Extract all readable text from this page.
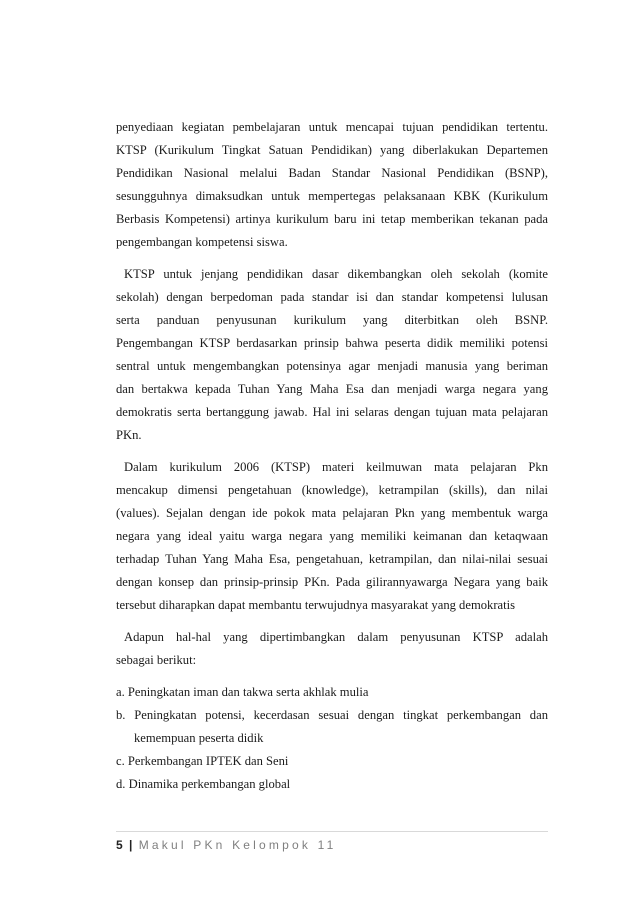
penyediaan kegiatan pembelajaran untuk mencapai tujuan pendidikan tertentu.
KTSP (Kurikulum Tingkat Satuan Pendidikan) yang diberlakukan Departemen
Pendidikan Nasional melalui Badan Standar Nasional Pendidikan (BSNP),
sesungguhnya dimaksudkan untuk mempertegas pelaksanaan KBK (Kurikulum
Berbasis Kompetensi) artinya kurikulum baru ini tetap memberikan tekanan pada
pengembangan kompetensi siswa.
KTSP untuk jenjang pendidikan dasar dikembangkan oleh sekolah (komite
sekolah) dengan berpedoman pada standar isi dan standar kompetensi lulusan
serta panduan penyusunan kurikulum yang diterbitkan oleh BSNP.
Pengembangan KTSP berdasarkan prinsip bahwa peserta didik memiliki potensi
sentral untuk mengembangkan potensinya agar menjadi manusia yang beriman
dan bertakwa kepada Tuhan Yang Maha Esa dan menjadi warga negara yang
demokratis serta bertanggung jawab. Hal ini selaras dengan tujuan mata pelajaran
PKn.
Dalam kurikulum 2006 (KTSP) materi keilmuwan mata pelajaran Pkn
mencakup dimensi pengetahuan (knowledge), ketrampilan (skills), dan nilai
(values). Sejalan dengan ide pokok mata pelajaran Pkn yang membentuk warga
negara yang ideal yaitu warga negara yang memiliki keimanan dan ketaqwaan
terhadap Tuhan Yang Maha Esa, pengetahuan, ketrampilan, dan nilai-nilai sesuai
dengan konsep dan prinsip-prinsip PKn. Pada gilirannyawarga Negara yang baik
tersebut diharapkan dapat membantu terwujudnya masyarakat yang demokratis
Adapun hal-hal yang dipertimbangkan dalam penyusunan KTSP adalah
sebagai berikut:
a. Peningkatan iman dan takwa serta akhlak mulia
b. Peningkatan potensi, kecerdasan sesuai dengan tingkat perkembangan dan
kemempuan peserta didik
c. Perkembangan IPTEK dan Seni
d. Dinamika perkembangan global
5 | Makul PKn Kelompok 11
